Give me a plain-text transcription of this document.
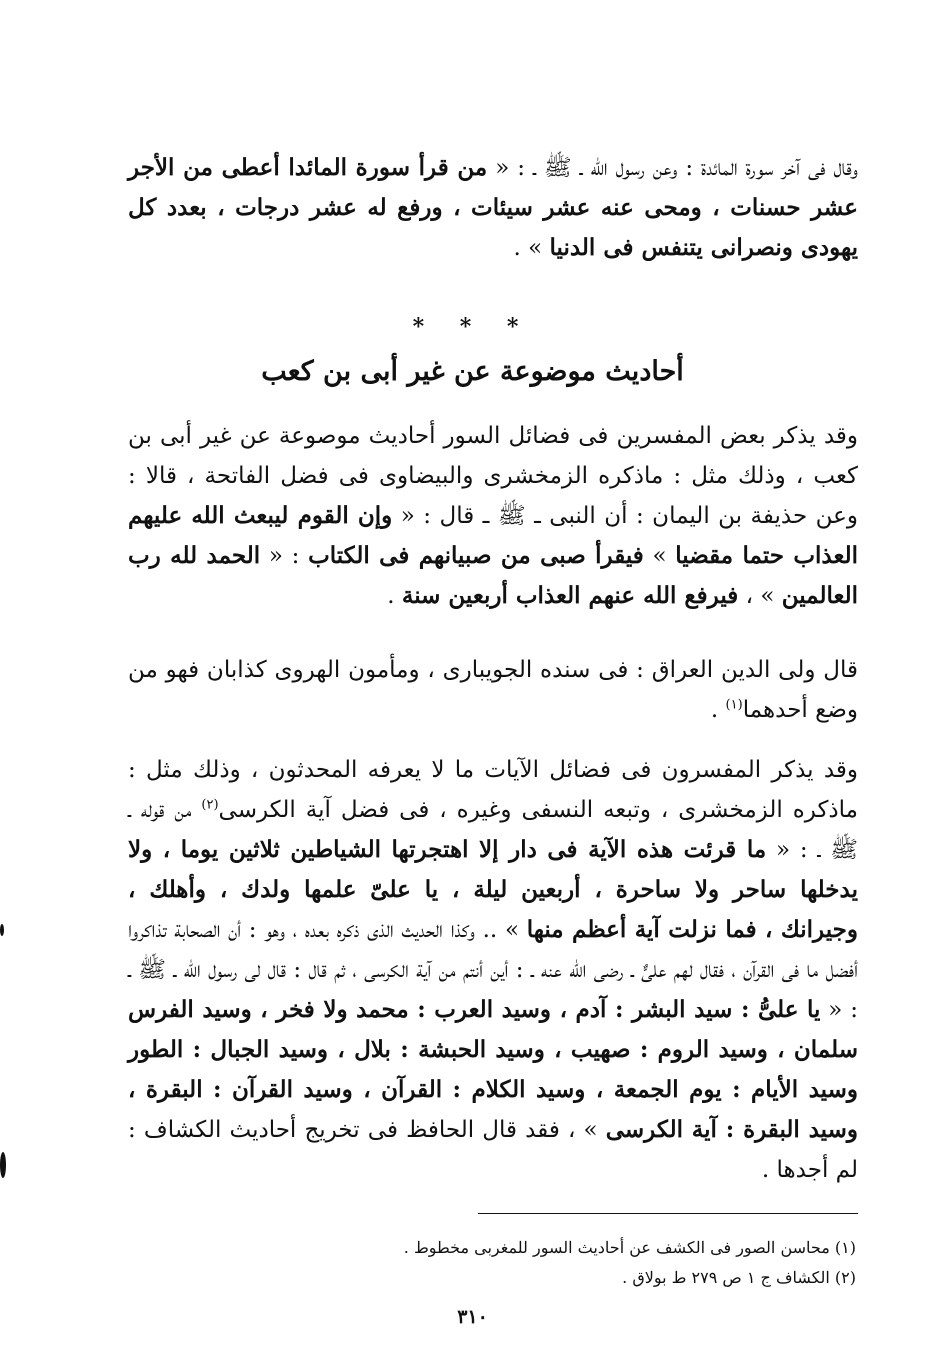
وقال فى آخر سورة المائدة : وعن رسول الله ـ ﷺ ـ : « من قرأ سورة المائدا أعطى من الأجر عشر حسنات ، ومحى عنه عشر سيئات ، ورفع له عشر درجات ، بعدد كل يهودى ونصرانى يتنفس فى الدنيا » .
* * *
أحاديث موضوعة عن غير أبى بن كعب
وقد يذكر بعض المفسرين فى فضائل السور أحاديث موصوعة عن غير أبى بن كعب ، وذلك مثل : ماذكره الزمخشرى والبيضاوى فى فضل الفاتحة ، قالا : وعن حذيفة بن اليمان : أن النبى ـ ﷺ ـ قال : « وإن القوم ليبعث الله عليهم العذاب حتما مقضيا » فيقرأ صبى من صبيانهم فى الكتاب : « الحمد لله رب العالمين » ، فيرفع الله عنهم العذاب أربعين سنة .
قال ولى الدين العراق : فى سنده الجويبارى ، ومأمون الهروى كذابان فهو من وضع أحدهما$^{(١)}$ .
وقد يذكر المفسرون فى فضائل الآيات ما لا يعرفه المحدثون ، وذلك مثل : ماذكره الزمخشرى ، وتبعه النسفى وغيره ، فى فضل آية الكرسى$^{(٢)}$ من قوله ـ ﷺ ـ : « ما قرئت هذه الآية فى دار إلا اهتجرتها الشياطين ثلاثين يوما ، ولا يدخلها ساحر ولا ساحرة ، أربعين ليلة ، يا علىّ علمها ولدك ، وأهلك ، وجيرانك ، فما نزلت آية أعظم منها » .. وكذا الحديث الذى ذكره بعده ، وهو : أن الصحابة تذاكروا أفضل ما فى القرآن ، فقال لهم علىٌّ ـ رضى الله عنه ـ : أين أنتم من آية الكرسى ، ثم قال : قال لى رسول الله ـ ﷺ ـ : « يا علىُّ : سيد البشر : آدم ، وسيد العرب : محمد ولا فخر ، وسيد الفرس سلمان ، وسيد الروم : صهيب ، وسيد الحبشة : بلال ، وسيد الجبال : الطور وسيد الأيام : يوم الجمعة ، وسيد الكلام : القرآن ، وسيد القرآن : البقرة ، وسيد البقرة : آية الكرسى » ، فقد قال الحافظ فى تخريج أحاديث الكشاف : لم أجدها .
(١) محاسن الصور فى الكشف عن أحاديث السور للمغربى مخطوط .
(٢) الكشاف ج ١ ص ٢٧٩ ط بولاق .
٣١٠
